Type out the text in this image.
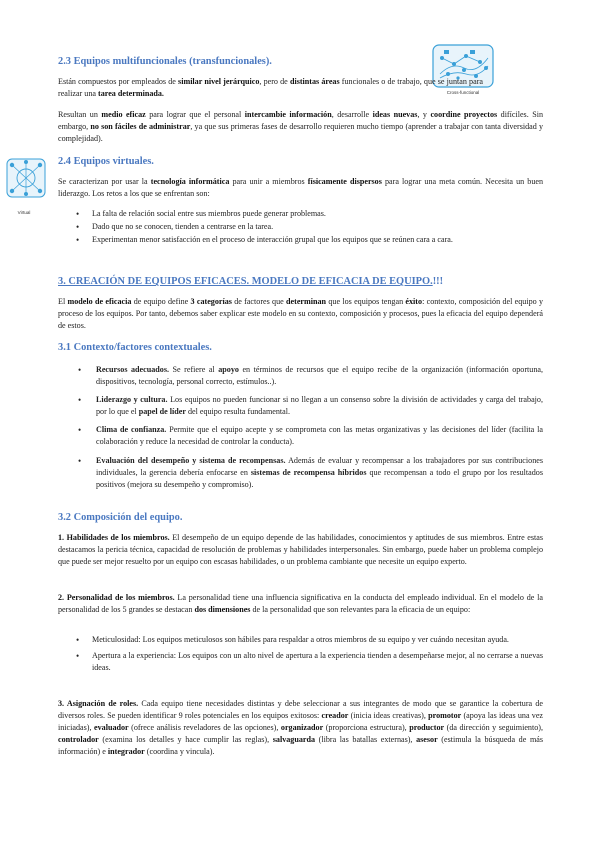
2.3 Equipos multifuncionales (transfuncionales).
Cross-functional

Están compuestos por empleados de similar nivel jerárquico, pero de distintas áreas funcionales o de trabajo, que se juntan para realizar una tarea determinada.

Resultan un medio eficaz para lograr que el personal intercambie información, desarrolle ideas nuevas, y coordine proyectos difíciles. Sin embargo, no son fáciles de administrar, ya que sus primeras fases de desarrollo requieren mucho tiempo (aprender a trabajar con tanta diversidad y complejidad).

Virtual
2.4 Equipos virtuales.

Se caracterizan por usar la tecnología informática para unir a miembros físicamente dispersos para lograr una meta común. Necesita un buen liderazgo. Los retos a los que se enfrentan son:

• La falta de relación social entre sus miembros puede generar problemas.
• Dado que no se conocen, tienden a centrarse en la tarea.
• Experimentan menor satisfacción en el proceso de interacción grupal que los equipos que se reúnen cara a cara.
3. CREACIÓN DE EQUIPOS EFICACES. MODELO DE EFICACIA DE EQUIPO.!!!

El modelo de eficacia de equipo define 3 categorías de factores que determinan que los equipos tengan éxito: contexto, composición del equipo y proceso de los equipos. Por tanto, debemos saber explicar este modelo en su contexto, composición y procesos, pues la eficacia del equipo dependerá de estos.

3.1 Contexto/factores contextuales.
• Recursos adecuados. Se refiere al apoyo en términos de recursos que el equipo recibe de la organización (información oportuna, dispositivos, tecnología, personal correcto, estímulos..).
• Liderazgo y cultura. Los equipos no pueden funcionar si no llegan a un consenso sobre la división de actividades y carga del trabajo, por lo que el papel de líder del equipo resulta fundamental.
• Clima de confianza. Permite que el equipo acepte y se comprometa con las metas organizativas y las decisiones del líder (facilita la colaboración y reduce la necesidad de controlar la conducta).
• Evaluación del desempeño y sistema de recompensas. Además de evaluar y recompensar a los trabajadores por sus contribuciones individuales, la gerencia debería enfocarse en sistemas de recompensa híbridos que recompensan a todo el grupo por los resultados positivos (mejora su desempeño y compromiso).
3.2 Composición del equipo.

1. Habilidades de los miembros. El desempeño de un equipo depende de las habilidades, conocimientos y aptitudes de sus miembros. Entre estas destacamos la pericia técnica, capacidad de resolución de problemas y habilidades interpersonales. Sin embargo, puede haber un problema complejo que puede ser mejor resuelto por un equipo con escasas habilidades, o un problema cambiante que necesite un equipo experto.

2. Personalidad de los miembros. La personalidad tiene una influencia significativa en la conducta del empleado individual. En el modelo de la personalidad de los 5 grandes se destacan dos dimensiones de la personalidad que son relevantes para la eficacia de un equipo:

• Meticulosidad: Los equipos meticulosos son hábiles para respaldar a otros miembros de su equipo y ver cuándo necesitan ayuda.
• Apertura a la experiencia: Los equipos con un alto nivel de apertura a la experiencia tienden a desempeñarse mejor, al no cerrarse a nuevas ideas.

3. Asignación de roles. Cada equipo tiene necesidades distintas y debe seleccionar a sus integrantes de modo que se garantice la cobertura de diversos roles. Se pueden identificar 9 roles potenciales en los equipos exitosos: creador (inicia ideas creativas), promotor (apoya las ideas una vez iniciadas), evaluador (ofrece análisis reveladores de las opciones), organizador (proporciona estructura), productor (da dirección y seguimiento), controlador (examina los detalles y hace cumplir las reglas), salvaguarda (libra las batallas externas), asesor (estimula la búsqueda de más información) e integrador (coordina y vincula).
